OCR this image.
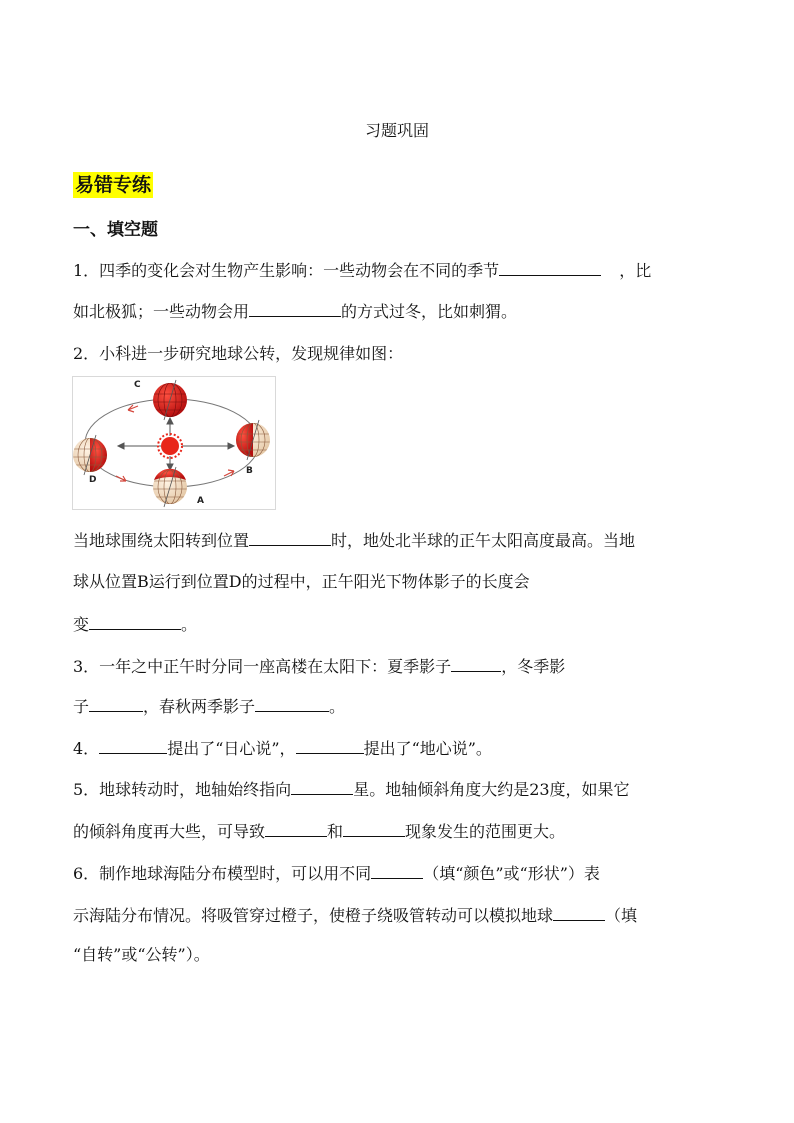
习题巩固
易错专练
一、填空题
1．四季的变化会对生物产生影响：一些动物会在不同的季节	，比
如北极狐；一些动物会用	的方式过冬，比如刺猬。
2．小科进一步研究地球公转，发现规律如图：
C
B
D
A
当地球围绕太阳转到位置	时，地处北半球的正午太阳高度最高。当地
球从位置B运行到位置D的过程中，正午阳光下物体影子的长度会
变	。
3．一年之中正午时分同一座高楼在太阳下：夏季影子	，冬季影
子	，春秋两季影子	。
4．	提出了“日心说”，	提出了“地心说”。
5．地球转动时，地轴始终指向	星。地轴倾斜角度大约是23度，如果它
的倾斜角度再大些，可导致	和	现象发生的范围更大。
6．制作地球海陆分布模型时，可以用不同	（填“颜色”或“形状”）表
示海陆分布情况。将吸管穿过橙子，使橙子绕吸管转动可以模拟地球	（填
“自转”或“公转”）。
